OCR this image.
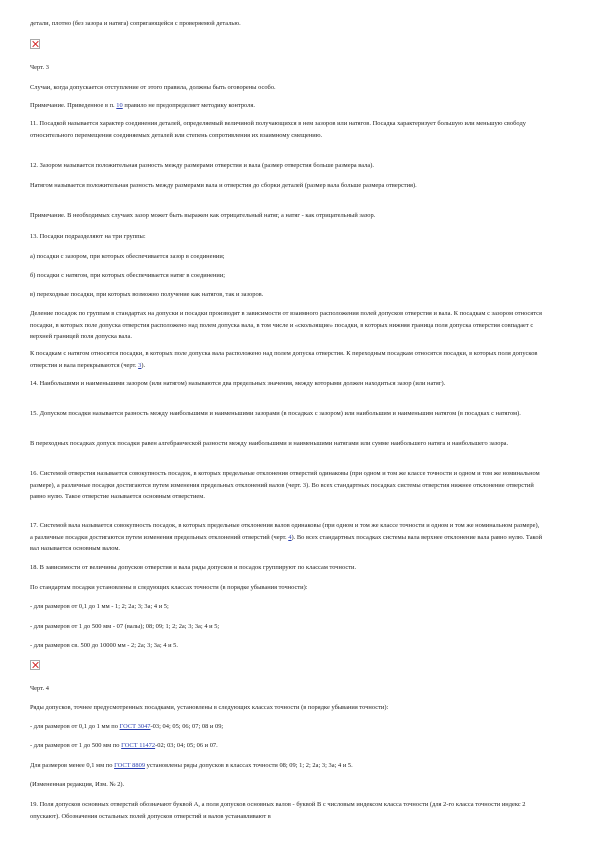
детали, плотно (без зазора и натяга) сопрягающейся с проверяемой деталью.

Черт. 3

Случаи, когда допускается отступление от этого правила, должны быть оговорены особо.

Примечание. Приведенное в п. 10 правило не предопределяет методику контроля.

11. Посадкой называется характер соединения деталей, определяемый величиной получающихся в нем зазоров или натягов. Посадка характеризует большую или меньшую свободу относительного перемещения соединяемых деталей или степень сопротивления их взаимному смещению.

12. Зазором называется положительная разность между размерами отверстия и вала (размер отверстия больше размера вала).

Натягом называется положительная разность между размерами вала и отверстия до сборки деталей (размер вала больше размера отверстия).

Примечание. В необходимых случаях зазор может быть выражен как отрицательный натяг, а натяг - как отрицательный зазор.

13. Посадки подразделяют на три группы:

а) посадки с зазором, при которых обеспечивается зазор в соединении;

б) посадки с натягом, при которых обеспечивается натяг в соединении;

в) переходные посадки, при которых возможно получение как натягов, так и зазоров.

Деление посадок по группам в стандартах на допуски и посадки производят в зависимости от взаимного расположения полей допусков отверстия и вала. К посадкам с зазором относятся посадки, в которых поле допуска отверстия расположено над полем допуска вала, в том числе и «скользящие» посадки, в которых нижняя граница поля допуска отверстия совпадает с верхней границей поля допуска вала.

К посадкам с натягом относятся посадки, в которых поле допуска вала расположено над полем допуска отверстия. К переходным посадкам относятся посадки, в которых поля допусков отверстия и вала перекрываются (черт. 3).

14. Наибольшими и наименьшими зазором (или натягом) называются два предельных значения, между которыми должен находиться зазор (или натяг).

15. Допуском посадки называется разность между наибольшими и наименьшими зазорами (в посадках с зазором) или наибольшим и наименьшим натягом (в посадках с натягом).

В переходных посадках допуск посадки равен алгебраической разности между наибольшими и наименьшими натягами или сумме наибольшего натяга и наибольшего зазора.

16. Системой отверстия называется совокупность посадок, в которых предельные отклонения отверстий одинаковы (при одном и том же классе точности и одном и том же номинальном размере), а различные посадки достигаются путем изменения предельных отклонений валов (черт. 3). Во всех стандартных посадках системы отверстия нижнее отклонение отверстий равно нулю. Такое отверстие называется основным отверстием.

17. Системой вала называется совокупность посадок, в которых предельные отклонения валов одинаковы (при одном и том же классе точности и одном и том же номинальном размере), а различные посадки достигаются путем изменения предельных отклонений отверстий (черт. 4). Во всех стандартных посадках системы вала верхнее отклонение вала равно нулю. Такой вал называется основным валом.

18. В зависимости от величины допусков отверстия и вала ряды допусков и посадок группируют по классам точности.

По стандартам посадки установлены в следующих классах точности (в порядке убывания точности):

- для размеров от 0,1 до 1 мм - 1; 2; 2а; 3; 3а; 4 и 5;

- для размеров от 1 до 500 мм - 07 (валы); 08; 09; 1; 2; 2а; 3; 3а; 4 и 5;

- для размеров св. 500 до 10000 мм - 2; 2а; 3; 3а; 4 и 5.

Черт. 4

Ряды допусков, точнее предусмотренных посадками, установлены в следующих классах точности (в порядке убывания точности):

- для размеров от 0,1 до 1 мм по ГОСТ 3047-03; 04; 05; 06; 07; 08 и 09;

- для размеров от 1 до 500 мм по ГОСТ 11472-02; 03; 04; 05; 06 и 07.

Для размеров менее 0,1 мм по ГОСТ 8809 установлены ряды допусков в классах точности 08; 09; 1; 2; 2а; 3; 3а; 4 и 5.

(Измененная редакция, Изм. № 2).

19. Поля допусков основных отверстий обозначают буквой А, а поля допусков основных валов - буквой В с числовым индексом класса точности (для 2-го класса точности индекс 2 опускают). Обозначения остальных полей допусков отверстий и валов устанавливают в
